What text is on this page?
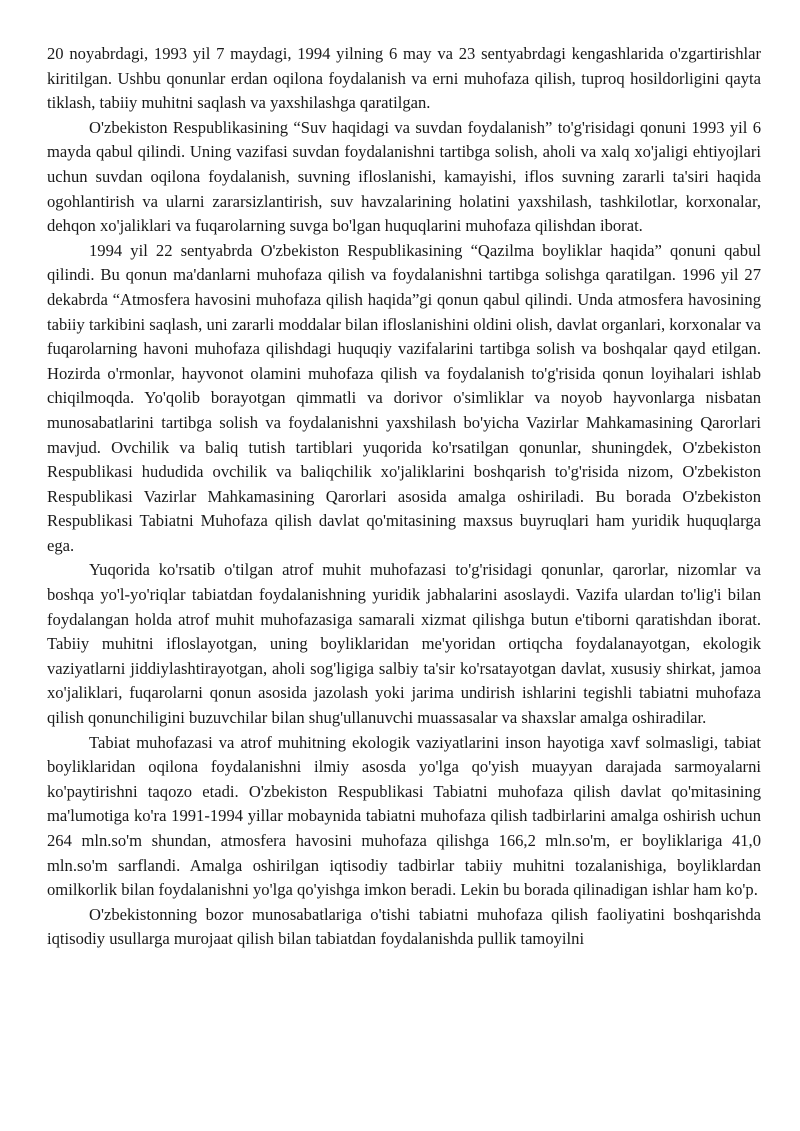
20 noyabrdagi, 1993 yil 7 maydagi, 1994 yilning 6 may va 23 sentyabrdagi kengashlarida o'zgartirishlar kiritilgan. Ushbu qonunlar erdan oqilona foydalanish va erni muhofaza qilish, tuproq hosildorligini qayta tiklash, tabiiy muhitni saqlash va yaxshilashga qaratilgan.

O'zbekiston Respublikasining “Suv haqidagi va suvdan foydalanish” to'g'risidagi qonuni 1993 yil 6 mayda qabul qilindi. Uning vazifasi suvdan foydalanishni tartibga solish, aholi va xalq xo'jaligi ehtiyojlari uchun suvdan oqilona foydalanish, suvning ifloslanishi, kamayishi, iflos suvning zararli ta'siri haqida ogohlantirish va ularni zararsizlantirish, suv havzalarining holatini yaxshilash, tashkilotlar, korxonalar, dehqon xo'jaliklari va fuqarolarning suvga bo'lgan huquqlarini muhofaza qilishdan iborat.

1994 yil 22 sentyabrda O'zbekiston Respublikasining “Qazilma boyliklar haqida” qonuni qabul qilindi. Bu qonun ma'danlarni muhofaza qilish va foydalanishni tartibga solishga qaratilgan. 1996 yil 27 dekabrda “Atmosfera havosini muhofaza qilish haqida”gi qonun qabul qilindi. Unda atmosfera havosining tabiiy tarkibini saqlash, uni zararli moddalar bilan ifloslanishini oldini olish, davlat organlari, korxonalar va fuqarolarning havoni muhofaza qilishdagi huquqiy vazifalarini tartibga solish va boshqalar qayd etilgan. Hozirda o'rmonlar, hayvonot olamini muhofaza qilish va foydalanish to'g'risida qonun loyihalari ishlab chiqilmoqda. Yo'qolib borayotgan qimmatli va dorivor o'simliklar va noyob hayvonlarga nisbatan munosabatlarini tartibga solish va foydalanishni yaxshilash bo'yicha Vazirlar Mahkamasining Qarorlari mavjud. Ovchilik va baliq tutish tartiblari yuqorida ko'rsatilgan qonunlar, shuningdek, O'zbekiston Respublikasi hududida ovchilik va baliqchilik xo'jaliklarini boshqarish to'g'risida nizom, O'zbekiston Respublikasi Vazirlar Mahkamasining Qarorlari asosida amalga oshiriladi. Bu borada O'zbekiston Respublikasi Tabiatni Muhofaza qilish davlat qo'mitasining maxsus buyruqlari ham yuridik huquqlarga ega.

Yuqorida ko'rsatib o'tilgan atrof muhit muhofazasi to'g'risidagi qonunlar, qarorlar, nizomlar va boshqa yo'l-yo'riqlar tabiatdan foydalanishning yuridik jabhalarini asoslaydi. Vazifa ulardan to'lig'i bilan foydalangan holda atrof muhit muhofazasiga samarali xizmat qilishga butun e'tiborni qaratishdan iborat. Tabiiy muhitni ifloslayotgan, uning boyliklaridan me'yoridan ortiqcha foydalanayotgan, ekologik vaziyatlarni jiddiylashtirayotgan, aholi sog'ligiga salbiy ta'sir ko'rsatayotgan davlat, xususiy shirkat, jamoa xo'jaliklari, fuqarolarni qonun asosida jazolash yoki jarima undirish ishlarini tegishli tabiatni muhofaza qilish qonunchiligini buzuvchilar bilan shug'ullanuvchi muassasalar va shaxslar amalga oshiradilar.

Tabiat muhofazasi va atrof muhitning ekologik vaziyatlarini inson hayotiga xavf solmasligi, tabiat boyliklaridan oqilona foydalanishni ilmiy asosda yo'lga qo'yish muayyan darajada sarmoyalarni ko'paytirishni taqozo etadi. O'zbekiston Respublikasi Tabiatni muhofaza qilish davlat qo'mitasining ma'lumotiga ko'ra 1991-1994 yillar mobaynida tabiatni muhofaza qilish tadbirlarini amalga oshirish uchun 264 mln.so'm shundan, atmosfera havosini muhofaza qilishga 166,2 mln.so'm, er boyliklariga 41,0 mln.so'm sarflandi. Amalga oshirilgan iqtisodiy tadbirlar tabiiy muhitni tozalanishiga, boyliklardan omilkorlik bilan foydalanishni yo'lga qo'yishga imkon beradi. Lekin bu borada qilinadigan ishlar ham ko'p.

O'zbekistonning bozor munosabatlariga o'tishi tabiatni muhofaza qilish faoliyatini boshqarishda iqtisodiy usullarga murojaat qilish bilan tabiatdan foydalanishda pullik tamoyilni
